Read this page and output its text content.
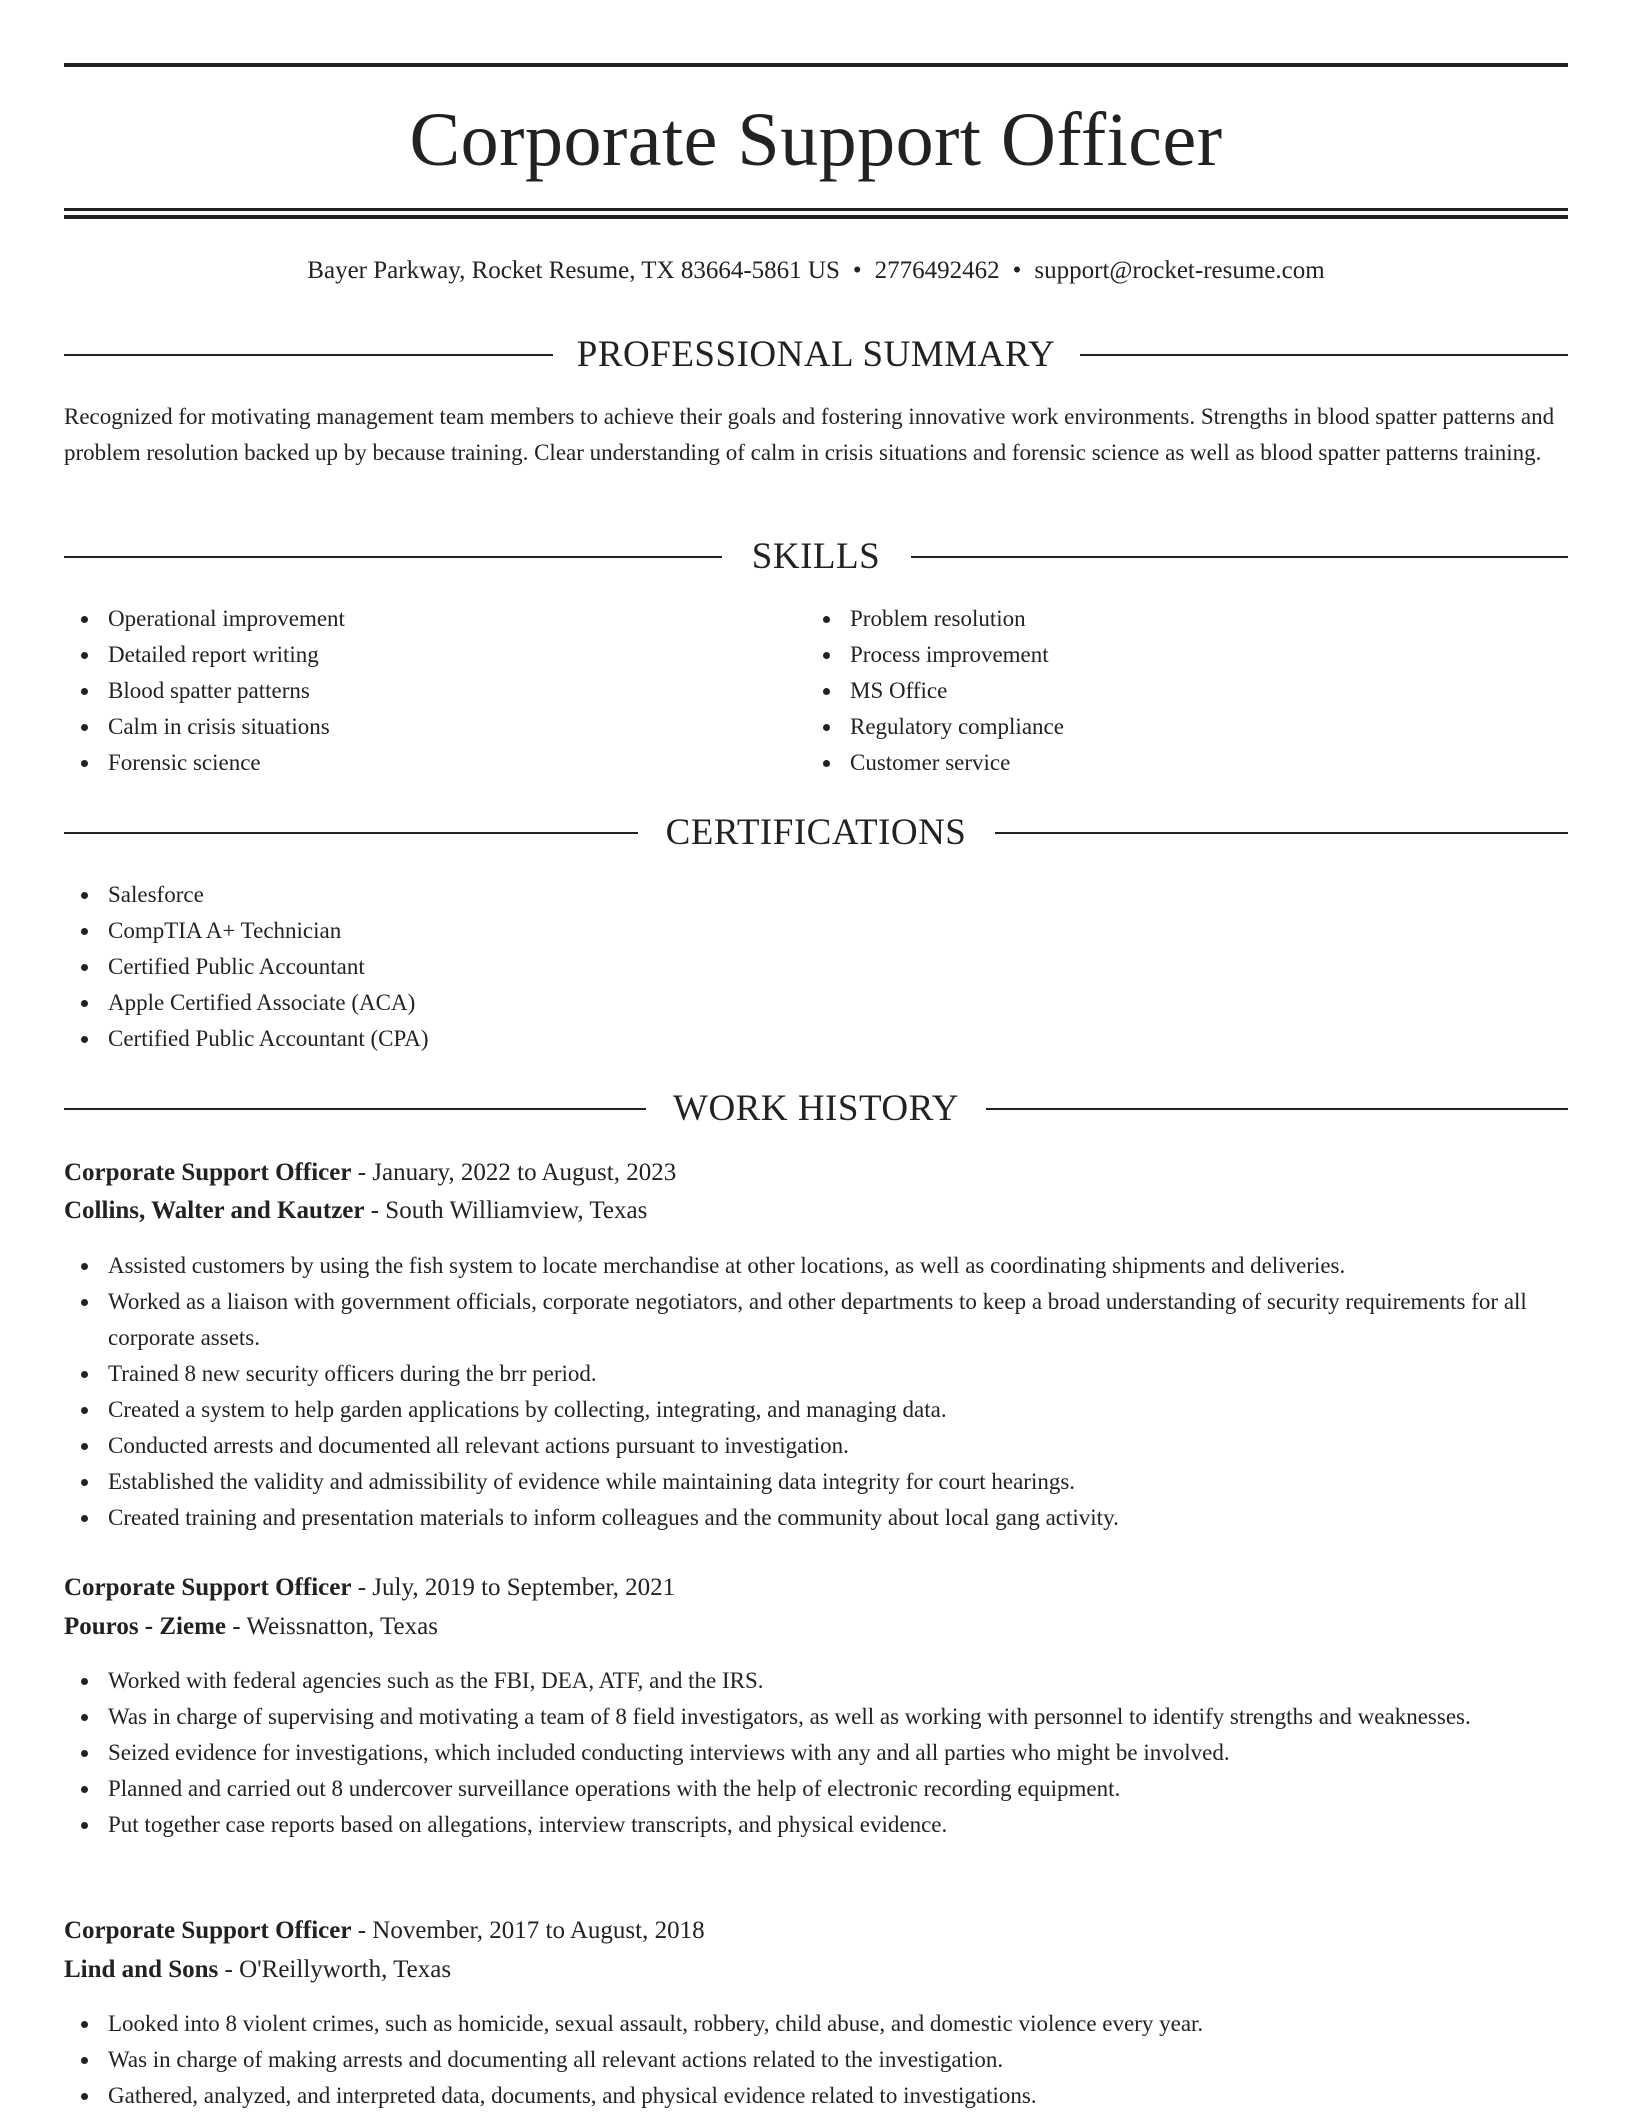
Corporate Support Officer
Bayer Parkway, Rocket Resume, TX 83664-5861 US • 2776492462 • support@rocket-resume.com
PROFESSIONAL SUMMARY
Recognized for motivating management team members to achieve their goals and fostering innovative work environments. Strengths in blood spatter patterns and problem resolution backed up by because training. Clear understanding of calm in crisis situations and forensic science as well as blood spatter patterns training.
SKILLS
Operational improvement
Detailed report writing
Blood spatter patterns
Calm in crisis situations
Forensic science
Problem resolution
Process improvement
MS Office
Regulatory compliance
Customer service
CERTIFICATIONS
Salesforce
CompTIA A+ Technician
Certified Public Accountant
Apple Certified Associate (ACA)
Certified Public Accountant (CPA)
WORK HISTORY
Corporate Support Officer - January, 2022 to August, 2023
Collins, Walter and Kautzer - South Williamview, Texas
Assisted customers by using the fish system to locate merchandise at other locations, as well as coordinating shipments and deliveries.
Worked as a liaison with government officials, corporate negotiators, and other departments to keep a broad understanding of security requirements for all corporate assets.
Trained 8 new security officers during the brr period.
Created a system to help garden applications by collecting, integrating, and managing data.
Conducted arrests and documented all relevant actions pursuant to investigation.
Established the validity and admissibility of evidence while maintaining data integrity for court hearings.
Created training and presentation materials to inform colleagues and the community about local gang activity.
Corporate Support Officer - July, 2019 to September, 2021
Pouros - Zieme - Weissnatton, Texas
Worked with federal agencies such as the FBI, DEA, ATF, and the IRS.
Was in charge of supervising and motivating a team of 8 field investigators, as well as working with personnel to identify strengths and weaknesses.
Seized evidence for investigations, which included conducting interviews with any and all parties who might be involved.
Planned and carried out 8 undercover surveillance operations with the help of electronic recording equipment.
Put together case reports based on allegations, interview transcripts, and physical evidence.
Corporate Support Officer - November, 2017 to August, 2018
Lind and Sons - O'Reillyworth, Texas
Looked into 8 violent crimes, such as homicide, sexual assault, robbery, child abuse, and domestic violence every year.
Was in charge of making arrests and documenting all relevant actions related to the investigation.
Gathered, analyzed, and interpreted data, documents, and physical evidence related to investigations.
